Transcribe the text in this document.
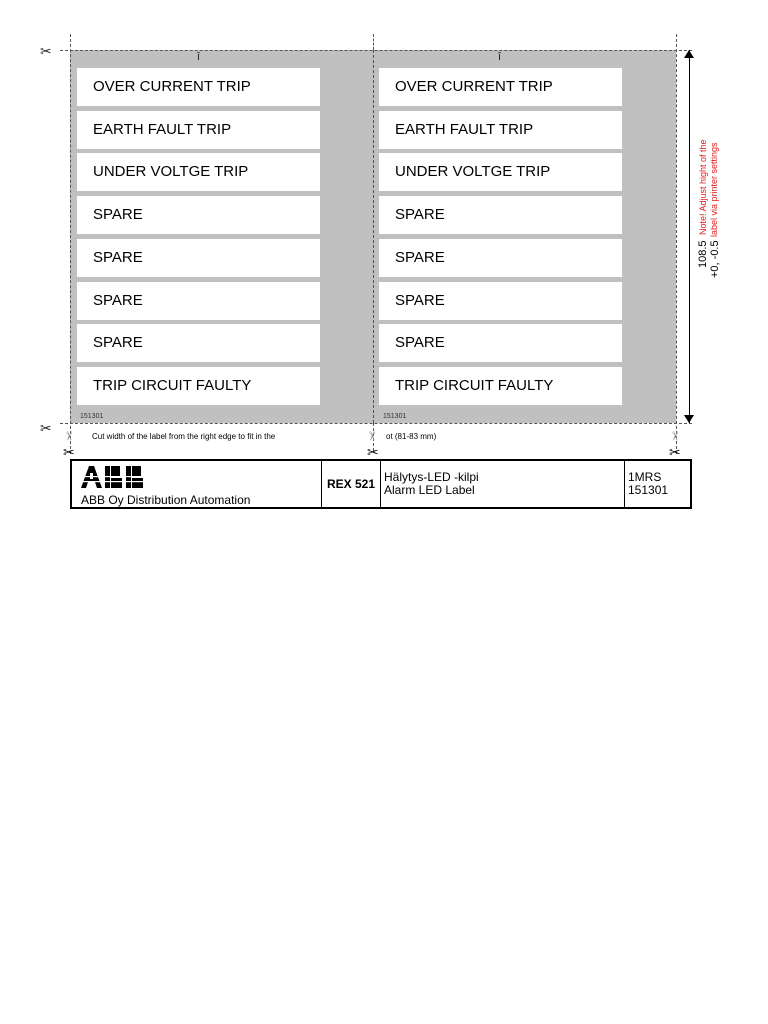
î	î
OVER CURRENT TRIP
EARTH FAULT TRIP
UNDER VOLTGE TRIP
SPARE
SPARE
SPARE
SPARE
TRIP CIRCUIT FAULTY
OVER CURRENT TRIP
EARTH FAULT TRIP
UNDER VOLTGE TRIP
SPARE
SPARE
SPARE
SPARE
TRIP CIRCUIT FAULTY
151301	151301
✂
✂ ✂	✂	✂
✂	✂
✂
108.5 +0, -0.5
Note! Adjust hight of the label via printer settings
Cut width of the label from the right edge to fit in the	ot (81-83 mm)
ABB Oy Distribution Automation
REX 521 Hälytys-LED -kilpi
Alarm LED Label
1MRS
151301
